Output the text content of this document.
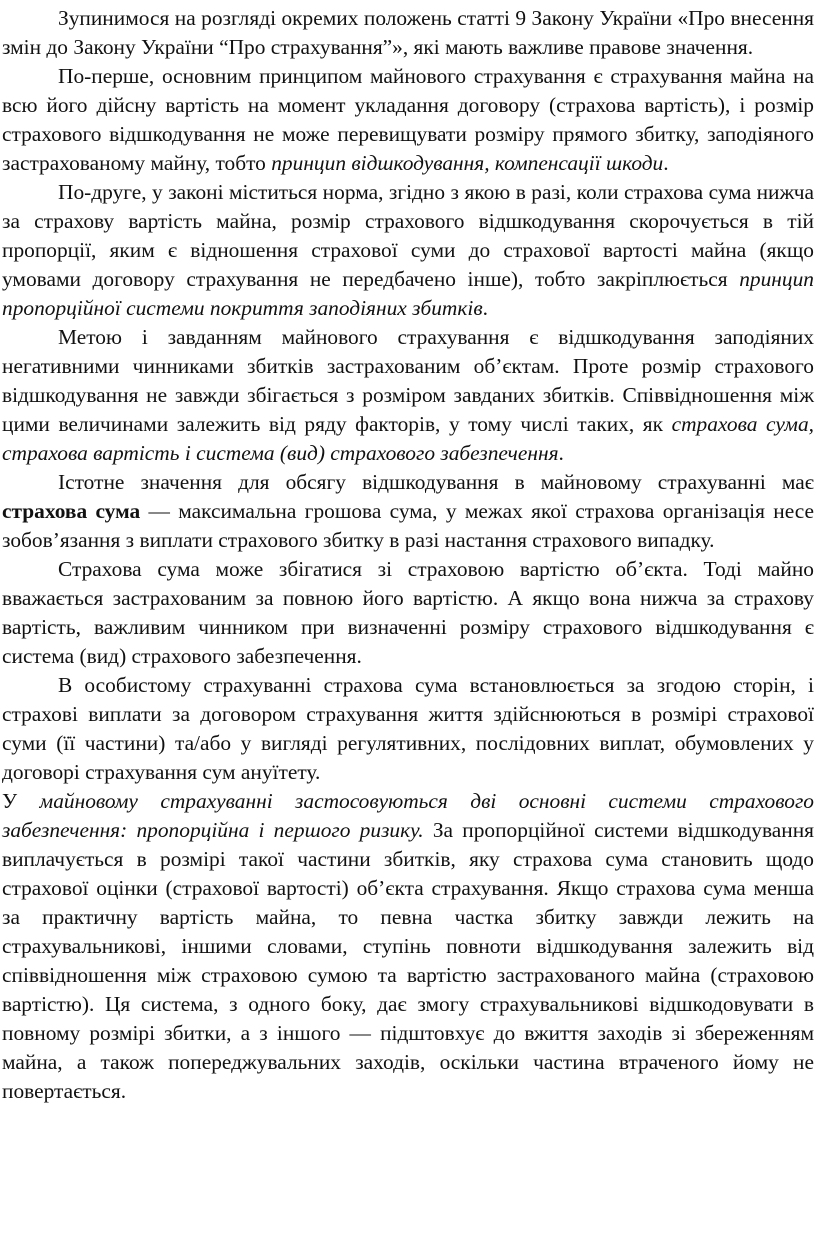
Зупинимося на розгляді окремих положень статті 9 Закону України «Про внесення змін до Закону України “Про страхування”», які мають важливе правове значення.

По-перше, основним принципом майнового страхування є страхування майна на всю його дійсну вартість на момент укладання договору (страхова вартість), і розмір страхового відшкодування не може перевищувати розміру прямого збитку, заподіяного застрахованому майну, тобто принцип відшкодування, компенсації шкоди.

По-друге, у законі міститься норма, згідно з якою в разі, коли страхова сума нижча за страхову вартість майна, розмір страхового відшкодування скорочується в тій пропорції, яким є відношення страхової суми до страхової вартості майна (якщо умовами договору страхування не передбачено інше), тобто закріплюється принцип пропорційної системи покриття заподіяних збитків.

Метою і завданням майнового страхування є відшкодування заподіяних негативними чинниками збитків застрахованим об’єктам. Проте розмір страхового відшкодування не завжди збігається з розміром завданих збитків. Співвідношення між цими величинами залежить від ряду факторів, у тому числі таких, як страхова сума, страхова вартість і система (вид) страхового забезпечення.

Істотне значення для обсягу відшкодування в майновому страхуванні має страхова сума — максимальна грошова сума, у межах якої страхова організація несе зобов’язання з виплати страхового збитку в разі настання страхового випадку.

Страхова сума може збігатися зі страховою вартістю об’єкта. Тоді майно вважається застрахованим за повною його вартістю. А якщо вона нижча за страхову вартість, важливим чинником при визначенні розміру страхового відшкодування є система (вид) страхового забезпечення.

В особистому страхуванні страхова сума встановлюється за згодою сторін, і страхові виплати за договором страхування життя здійснюються в розмірі страхової суми (її частини) та/або у вигляді регулятивних, послідовних виплат, обумовлених у договорі страхування сум ануїтету.

У майновому страхуванні застосовуються дві основні системи страхового забезпечення: пропорційна і першого ризику. За пропорційної системи відшкодування виплачується в розмірі такої частини збитків, яку страхова сума становить щодо страхової оцінки (страхової вартості) об’єкта страхування. Якщо страхова сума менша за практичну вартість майна, то певна частка збитку завжди лежить на страхувальникові, іншими словами, ступінь повноти відшкодування залежить від співвідношення між страховою сумою та вартістю застрахованого майна (страховою вартістю). Ця система, з одного боку, дає змогу страхувальникові відшкодовувати в повному розмірі збитки, а з іншого — підштовхує до вжиття заходів зі збереженням майна, а також попереджувальних заходів, оскільки частина втраченого йому не повертається.
